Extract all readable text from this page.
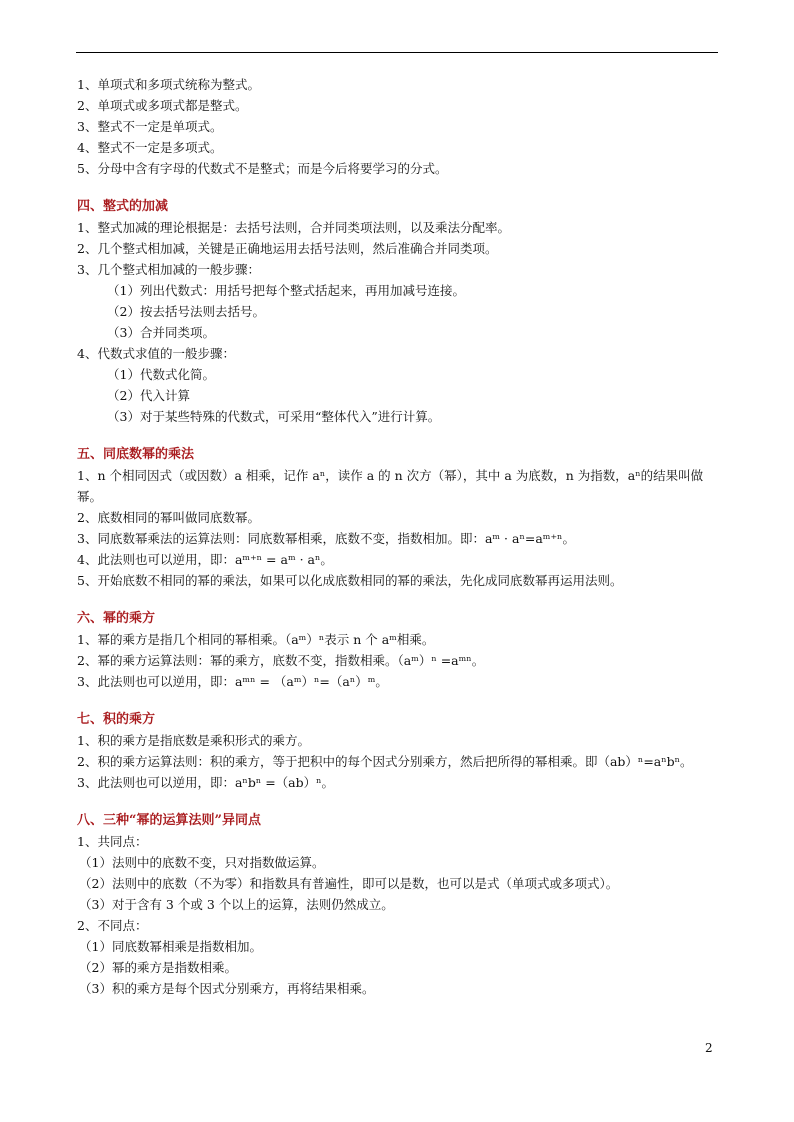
1、单项式和多项式统称为整式。
2、单项式或多项式都是整式。
3、整式不一定是单项式。
4、整式不一定是多项式。
5、分母中含有字母的代数式不是整式；而是今后将要学习的分式。
四、整式的加减
1、整式加减的理论根据是：去括号法则，合并同类项法则，以及乘法分配率。
2、几个整式相加减，关键是正确地运用去括号法则，然后准确合并同类项。
3、几个整式相加减的一般步骤：
（1）列出代数式：用括号把每个整式括起来，再用加减号连接。
（2）按去括号法则去括号。
（3）合并同类项。
4、代数式求值的一般步骤：
（1）代数式化简。
（2）代入计算
（3）对于某些特殊的代数式，可采用“整体代入”进行计算。
五、同底数幂的乘法
1、n 个相同因式（或因数）a 相乘，记作 aⁿ，读作 a 的 n 次方（幂），其中 a 为底数，n 为指数，aⁿ的结果叫做幂。
2、底数相同的幂叫做同底数幂。
3、同底数幂乘法的运算法则：同底数幂相乘，底数不变，指数相加。即：aᵐ · aⁿ=aᵐ⁺ⁿ。
4、此法则也可以逆用，即：aᵐ⁺ⁿ = aᵐ · aⁿ。
5、开始底数不相同的幂的乘法，如果可以化成底数相同的幂的乘法，先化成同底数幂再运用法则。
六、幂的乘方
1、幂的乘方是指几个相同的幂相乘。（aᵐ）ⁿ表示 n 个 aᵐ相乘。
2、幂的乘方运算法则：幂的乘方，底数不变，指数相乘。（aᵐ）ⁿ =aᵐⁿ。
3、此法则也可以逆用，即：aᵐⁿ = （aᵐ）ⁿ=（aⁿ）ᵐ。
七、积的乘方
1、积的乘方是指底数是乘积形式的乘方。
2、积的乘方运算法则：积的乘方，等于把积中的每个因式分别乘方，然后把所得的幂相乘。即（ab）ⁿ=aⁿbⁿ。
3、此法则也可以逆用，即：aⁿbⁿ =（ab）ⁿ。
八、三种“幂的运算法则”异同点
1、共同点：
（1）法则中的底数不变，只对指数做运算。
（2）法则中的底数（不为零）和指数具有普遍性，即可以是数，也可以是式（单项式或多项式）。
（3）对于含有 3 个或 3 个以上的运算，法则仍然成立。
2、不同点：
（1）同底数幂相乘是指数相加。
（2）幂的乘方是指数相乘。
（3）积的乘方是每个因式分别乘方，再将结果相乘。
2
